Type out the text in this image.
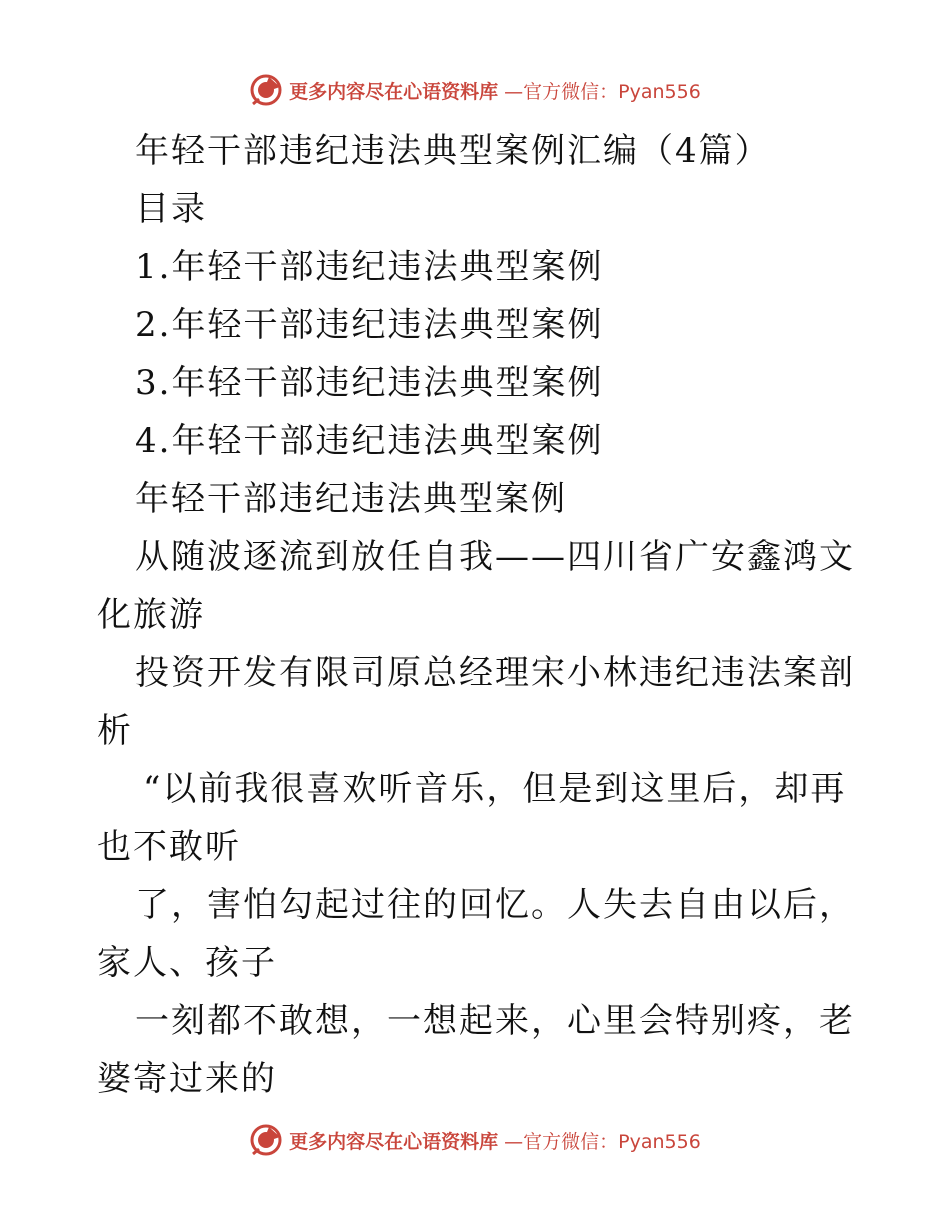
更多内容尽在心语资料库 —官方微信：Pyan556

年轻干部违纪违法典型案例汇编（4篇）

目录

1.年轻干部违纪违法典型案例

2.年轻干部违纪违法典型案例

3.年轻干部违纪违法典型案例

4.年轻干部违纪违法典型案例

年轻干部违纪违法典型案例

从随波逐流到放任自我——四川省广安鑫鸿文化旅游

投资开发有限司原总经理宋小林违纪违法案剖析

“以前我很喜欢听音乐，但是到这里后，却再也不敢听

了，害怕勾起过往的回忆。人失去自由以后，家人、孩子

一刻都不敢想，一想起来，心里会特别疼，老婆寄过来的

更多内容尽在心语资料库 —官方微信：Pyan556
